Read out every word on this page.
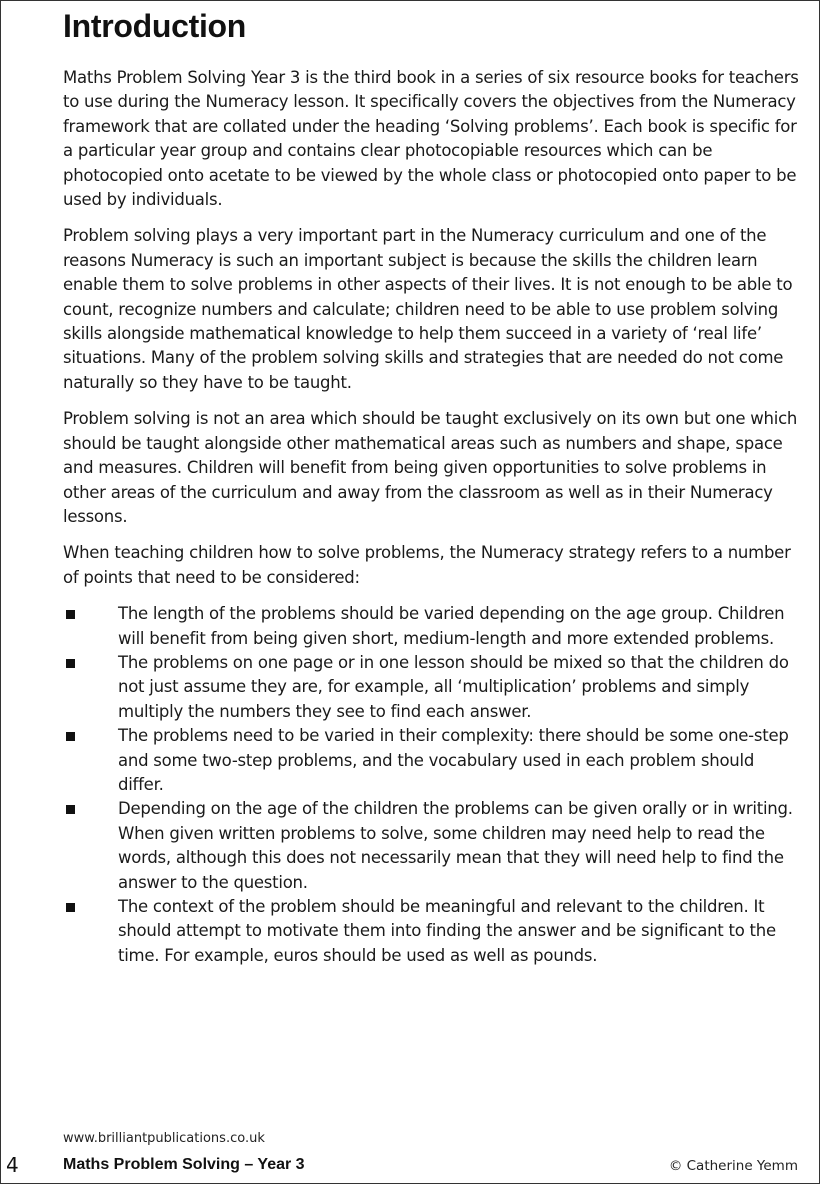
Introduction

Maths Problem Solving Year 3 is the third book in a series of six resource books for teachers to use during the Numeracy lesson. It specifically covers the objectives from the Numeracy framework that are collated under the heading ‘Solving problems’. Each book is specific for a particular year group and contains clear photocopiable resources which can be photocopied onto acetate to be viewed by the whole class or photocopied onto paper to be used by individuals.

Problem solving plays a very important part in the Numeracy curriculum and one of the reasons Numeracy is such an important subject is because the skills the children learn enable them to solve problems in other aspects of their lives. It is not enough to be able to count, recognize numbers and calculate; children need to be able to use problem solving skills alongside mathematical knowledge to help them succeed in a variety of ‘real life’ situations. Many of the problem solving skills and strategies that are needed do not come naturally so they have to be taught.

Problem solving is not an area which should be taught exclusively on its own but one which should be taught alongside other mathematical areas such as numbers and shape, space and measures. Children will benefit from being given opportunities to solve problems in other areas of the curriculum and away from the classroom as well as in their Numeracy lessons.

When teaching children how to solve problems, the Numeracy strategy refers to a number of points that need to be considered:

The length of the problems should be varied depending on the age group. Children will benefit from being given short, medium-length and more extended problems.
The problems on one page or in one lesson should be mixed so that the children do not just assume they are, for example, all ‘multiplication’ problems and simply multiply the numbers they see to find each answer.
The problems need to be varied in their complexity: there should be some one-step and some two-step problems, and the vocabulary used in each problem should differ.
Depending on the age of the children the problems can be given orally or in writing. When given written problems to solve, some children may need help to read the words, although this does not necessarily mean that they will need help to find the answer to the question.
The context of the problem should be meaningful and relevant to the children. It should attempt to motivate them into finding the answer and be significant to the time. For example, euros should be used as well as pounds.
www.brilliantpublications.co.uk
4	Maths Problem Solving – Year 3	© Catherine Yemm
